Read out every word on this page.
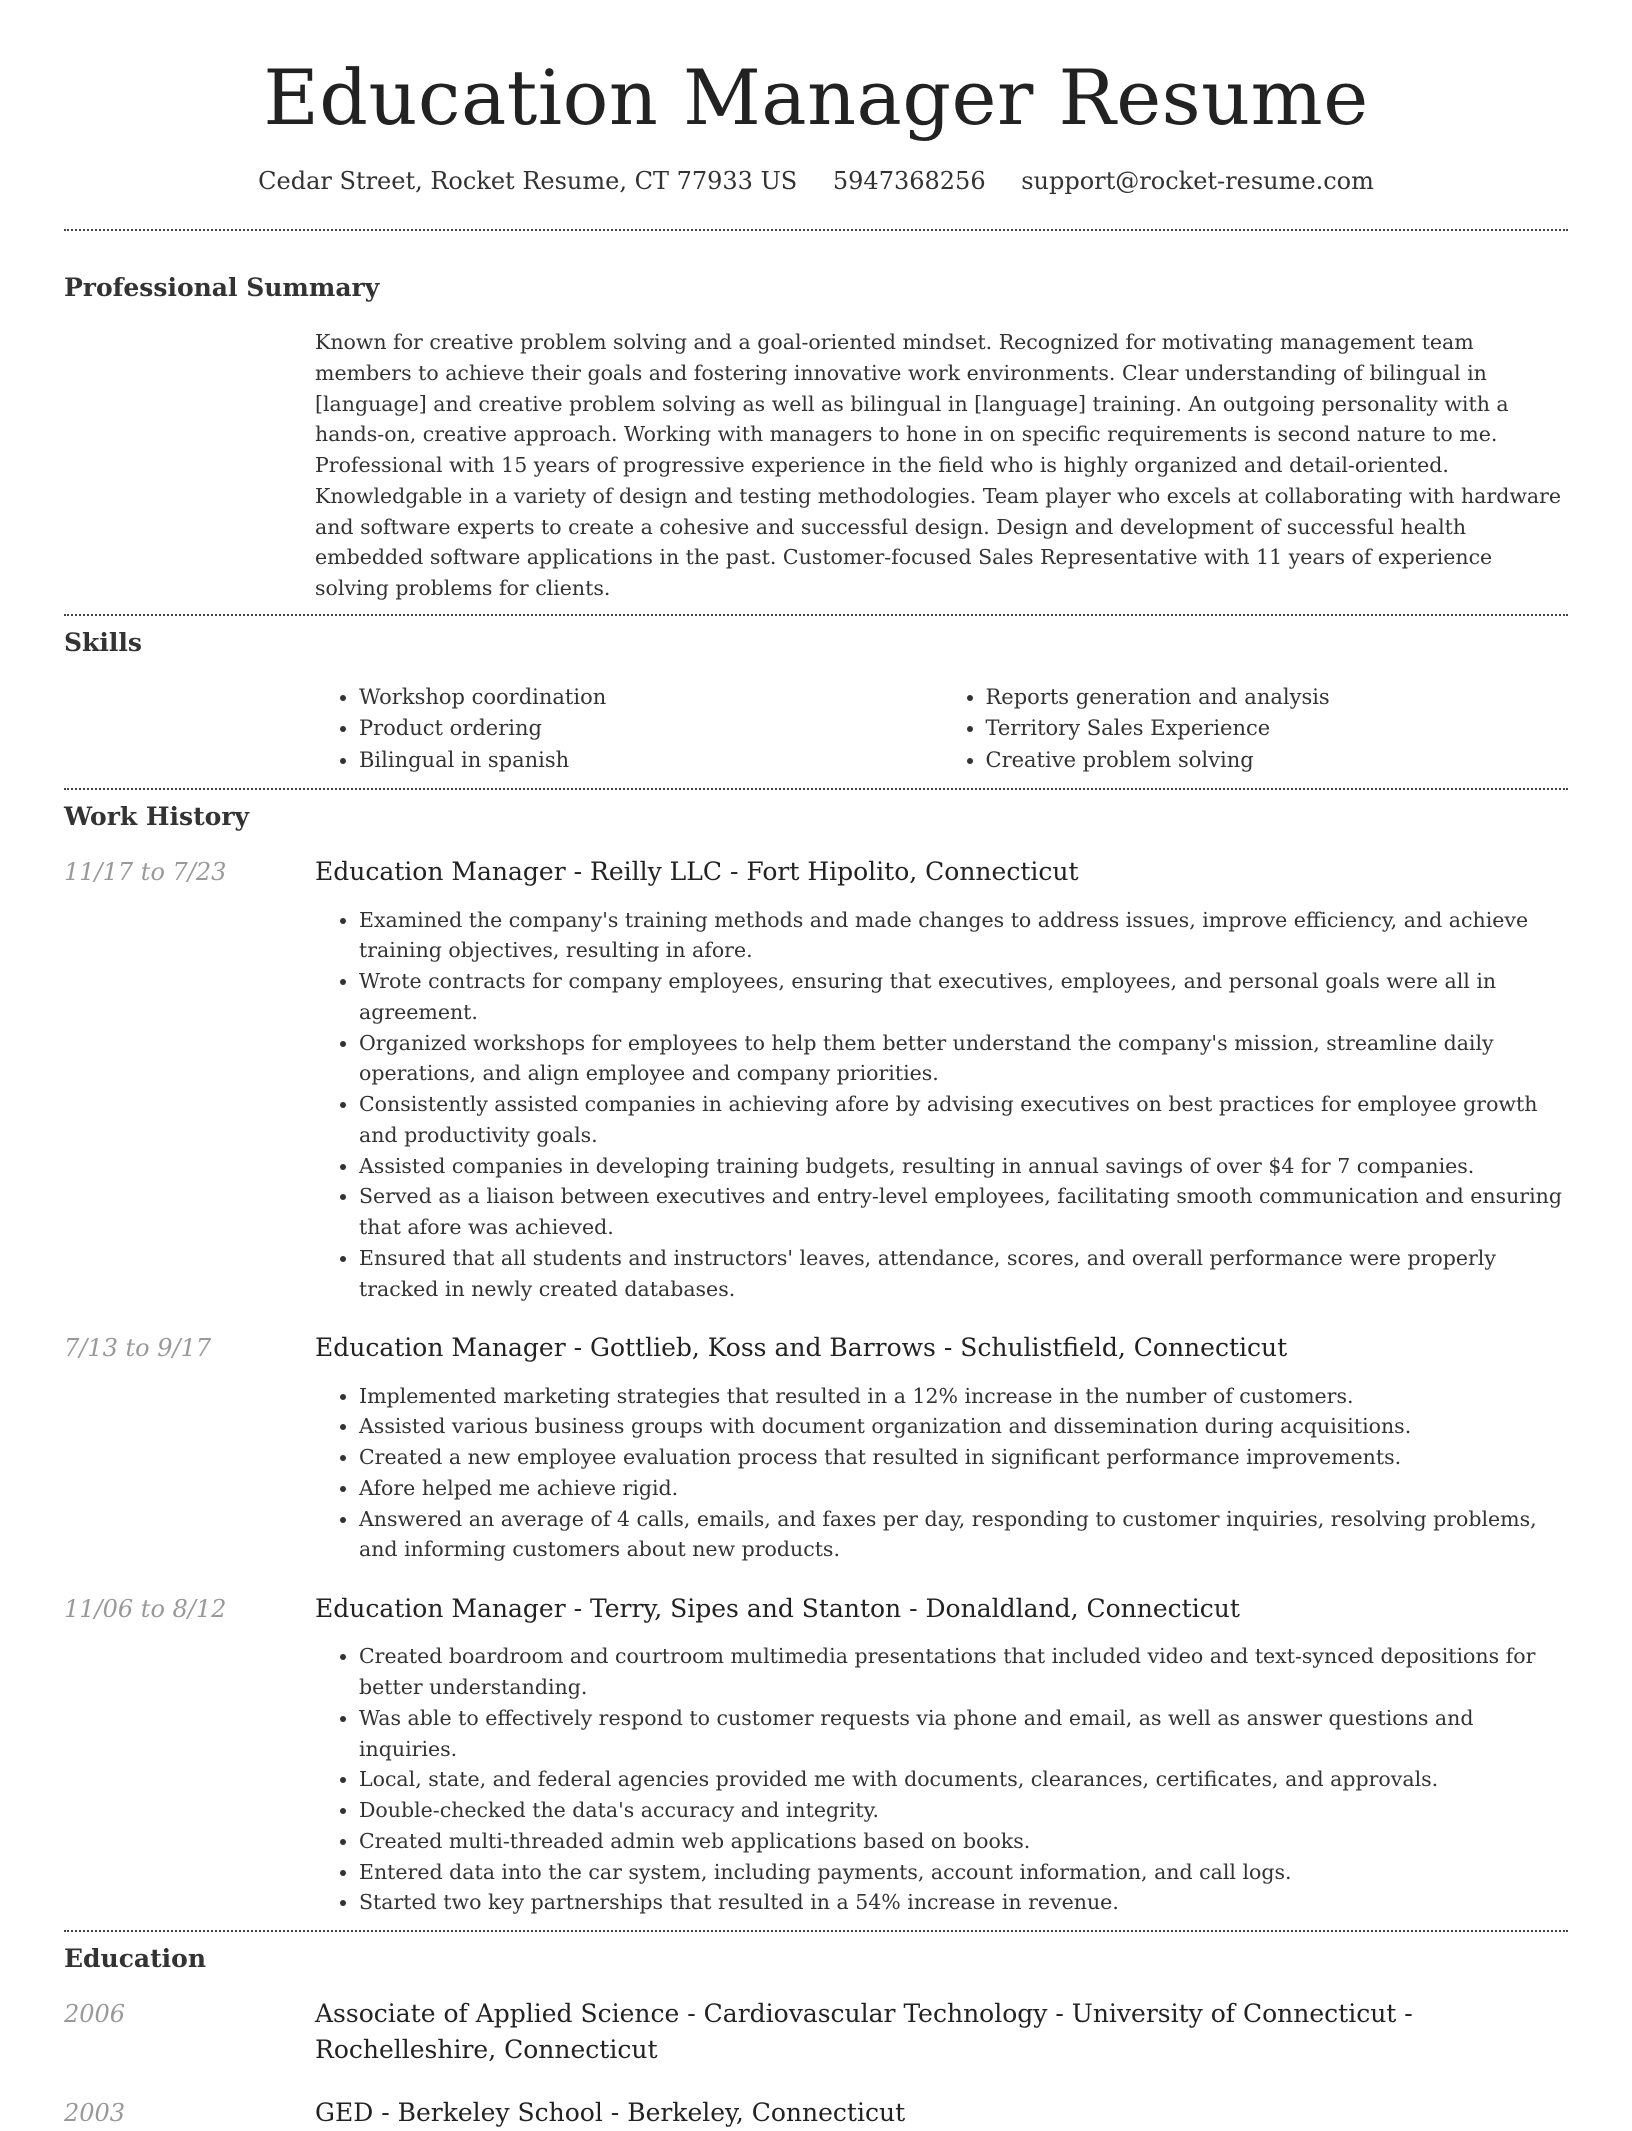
Education Manager Resume
Cedar Street, Rocket Resume, CT 77933 US 5947368256 support@rocket-resume.com
Professional Summary

Known for creative problem solving and a goal-oriented mindset. Recognized for motivating management team members to achieve their goals and fostering innovative work environments. Clear understanding of bilingual in [language] and creative problem solving as well as bilingual in [language] training. An outgoing personality with a hands-on, creative approach. Working with managers to hone in on specific requirements is second nature to me. Professional with 15 years of progressive experience in the field who is highly organized and detail-oriented. Knowledgable in a variety of design and testing methodologies. Team player who excels at collaborating with hardware and software experts to create a cohesive and successful design. Design and development of successful health embedded software applications in the past. Customer-focused Sales Representative with 11 years of experience solving problems for clients.

Skills
• Workshop coordination
• Product ordering
• Bilingual in spanish
• Reports generation and analysis
• Territory Sales Experience
• Creative problem solving
Work History
11/17 to 7/23	Education Manager - Reilly LLC - Fort Hipolito, Connecticut
• Examined the company's training methods and made changes to address issues, improve efficiency, and achieve training objectives, resulting in afore.
• Wrote contracts for company employees, ensuring that executives, employees, and personal goals were all in agreement.
• Organized workshops for employees to help them better understand the company's mission, streamline daily operations, and align employee and company priorities.
• Consistently assisted companies in achieving afore by advising executives on best practices for employee growth and productivity goals.
• Assisted companies in developing training budgets, resulting in annual savings of over $4 for 7 companies.
• Served as a liaison between executives and entry-level employees, facilitating smooth communication and ensuring that afore was achieved.
• Ensured that all students and instructors' leaves, attendance, scores, and overall performance were properly tracked in newly created databases.
7/13 to 9/17	Education Manager - Gottlieb, Koss and Barrows - Schulistfield, Connecticut
• Implemented marketing strategies that resulted in a 12% increase in the number of customers.
• Assisted various business groups with document organization and dissemination during acquisitions.
• Created a new employee evaluation process that resulted in significant performance improvements.
• Afore helped me achieve rigid.
• Answered an average of 4 calls, emails, and faxes per day, responding to customer inquiries, resolving problems, and informing customers about new products.
11/06 to 8/12	Education Manager - Terry, Sipes and Stanton - Donaldland, Connecticut
• Created boardroom and courtroom multimedia presentations that included video and text-synced depositions for better understanding.
• Was able to effectively respond to customer requests via phone and email, as well as answer questions and inquiries.
• Local, state, and federal agencies provided me with documents, clearances, certificates, and approvals.
• Double-checked the data's accuracy and integrity.
• Created multi-threaded admin web applications based on books.
• Entered data into the car system, including payments, account information, and call logs.
• Started two key partnerships that resulted in a 54% increase in revenue.
Education
2006	Associate of Applied Science - Cardiovascular Technology - University of Connecticut - Rochelleshire, Connecticut
2003	GED - Berkeley School - Berkeley, Connecticut
